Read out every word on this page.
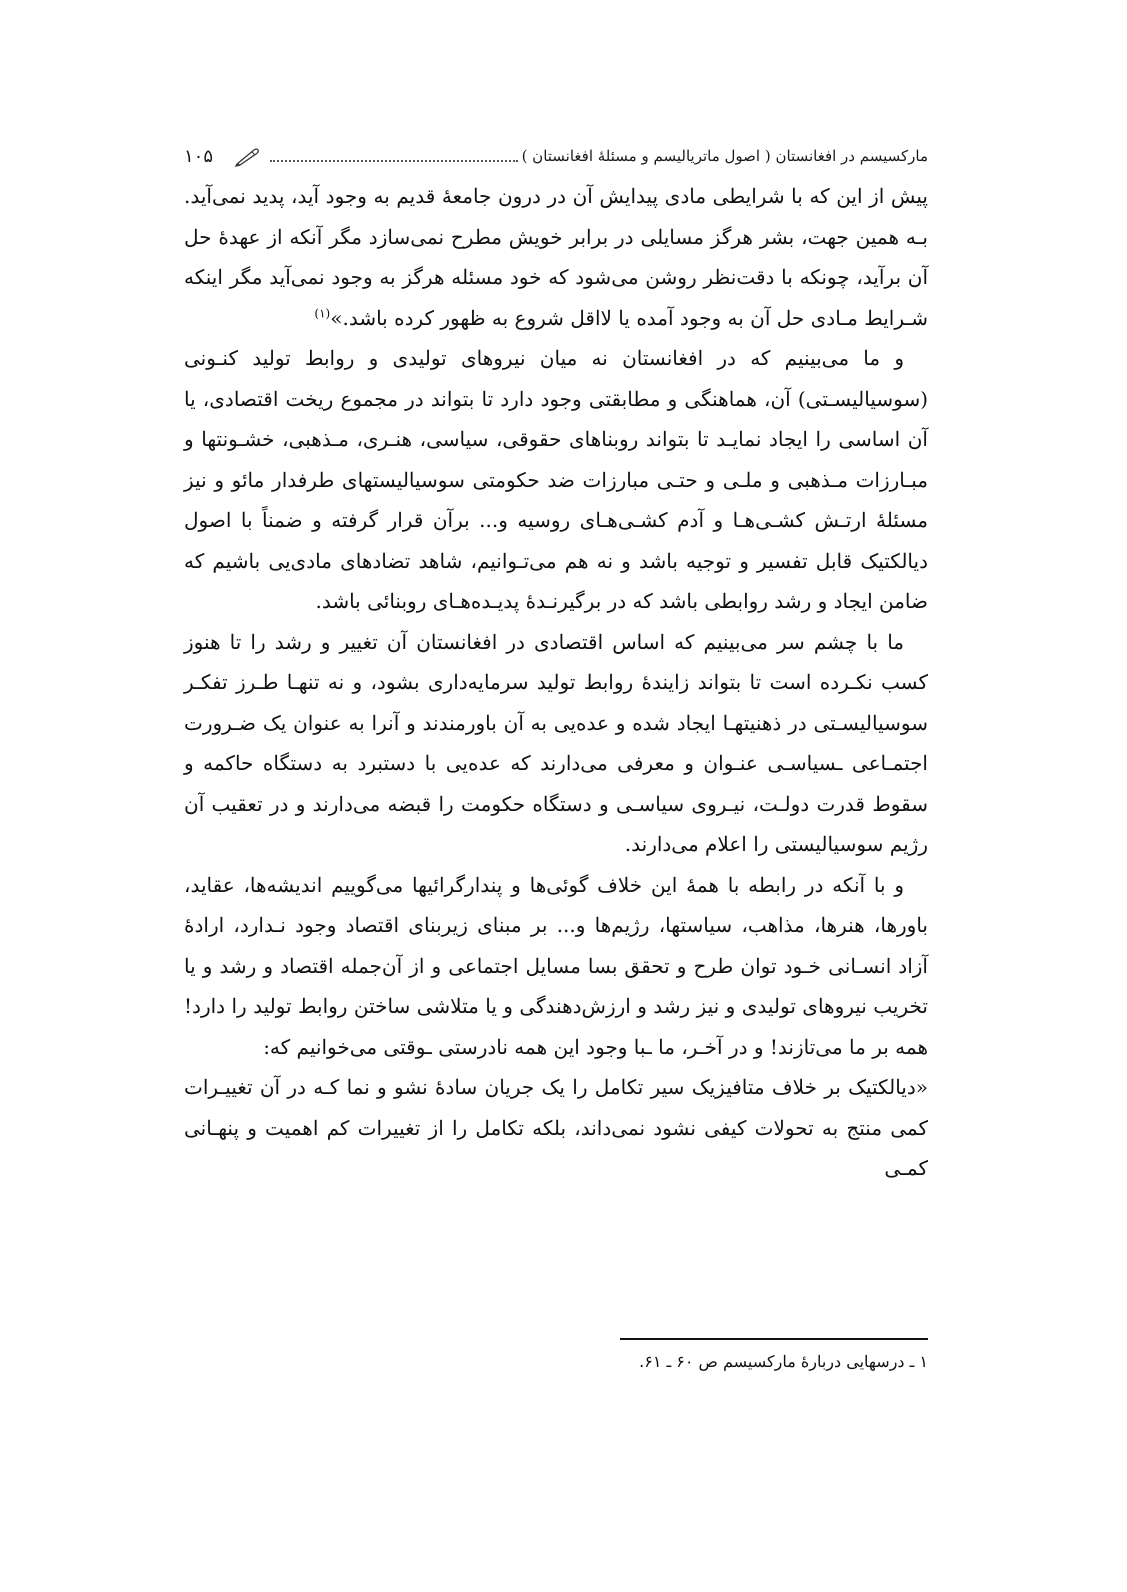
مارکسیسم در افغانستان ( اصول ماتریالیسم و مسئلهٔ افغانستان )
۱۰۵

پیش از این که با شرایطی مادی پیدایش آن در درون جامعهٔ قدیم به وجود آید، پدید نمی‌آید. بـه همین جهت، بشر هرگز مسایلی در برابر خویش مطرح نمی‌سازد مگر آنکه از عهدهٔ حل آن برآید، چونکه با دقت‌نظر روشن می‌شود که خود مسئله هرگز به وجود نمی‌آید مگر اینکه شـرایط مـادی حل آن به وجود آمده یا لااقل شروع به ظهور کرده باشد.»$^{(۱)}$

و ما می‌بینیم که در افغانستان نه میان نیروهای تولیدی و روابط تولید کنـونی (سوسیالیسـتی) آن، هماهنگی و مطابقتی وجود دارد تا بتواند در مجموع ریخت اقتصادی، یا آن اساسی را ایجاد نمایـد تا بتواند روبناهای حقوقی، سیاسی، هنـری، مـذهبی، خشـونتها و مبـارزات مـذهبی و ملـی و حتـی مبارزات ضد حکومتی سوسیالیستهای طرفدار مائو و نیز مسئلهٔ ارتـش کشـی‌هـا و آدم کشـی‌هـای روسیه و... برآن قرار گرفته و ضمناً با اصول دیالکتیک قابل تفسیر و توجیه باشد و نه هم می‌تـوانیم، شاهد تضادهای مادی‌یی باشیم که ضامن ایجاد و رشد روابطی باشد که در برگیرنـدهٔ پدیـده‌هـای روبنائی باشد.

ما با چشم سر می‌بینیم که اساس اقتصادی در افغانستان آن تغییر و رشد را تا هنوز کسب نکـرده است تا بتواند زایندهٔ روابط تولید سرمایه‌داری بشود، و نه تنهـا طـرز تفکـر سوسیالیسـتی در ذهنیتهـا ایجاد شده و عده‌یی به آن باورمندند و آنرا به عنوان یک ضـرورت اجتمـاعی ـسیاسـی عنـوان و معرفی می‌دارند که عده‌یی با دستبرد به دستگاه حاکمه و سقوط قدرت دولـت، نیـروی سیاسـی و دستگاه حکومت را قبضه می‌دارند و در تعقیب آن رژیم سوسیالیستی را اعلام می‌دارند.

و با آنکه در رابطه با همهٔ این خلاف گوئی‌ها و پندارگرائیها می‌گوییم اندیشه‌ها، عقاید، باورها، هنرها، مذاهب، سیاستها، رژیم‌ها و... بر مبنای زیربنای اقتصاد وجود نـدارد، ارادهٔ آزاد انسـانی خـود توان طرح و تحقق بسا مسایل اجتماعی و از آن‌جمله اقتصاد و رشد و یا تخریب نیروهای تولیدی و نیز رشد و ارزش‌دهندگی و یا متلاشی ساختن روابط تولید را دارد! همه بر ما می‌تازند! و در آخـر، ما ـبا وجود این همه نادرستی ـوقتی می‌خوانیم که:

«دیالکتیک بر خلاف متافیزیک سیر تکامل را یک جریان سادهٔ نشو و نما کـه در آن تغییـرات کمی منتج به تحولات کیفی نشود نمی‌داند، بلکه تکامل را از تغییرات کم اهمیت و پنهـانی کمـی

۱ ـ درسهایی دربارهٔ مارکسیسم ص ۶۰ ـ ۶۱.
